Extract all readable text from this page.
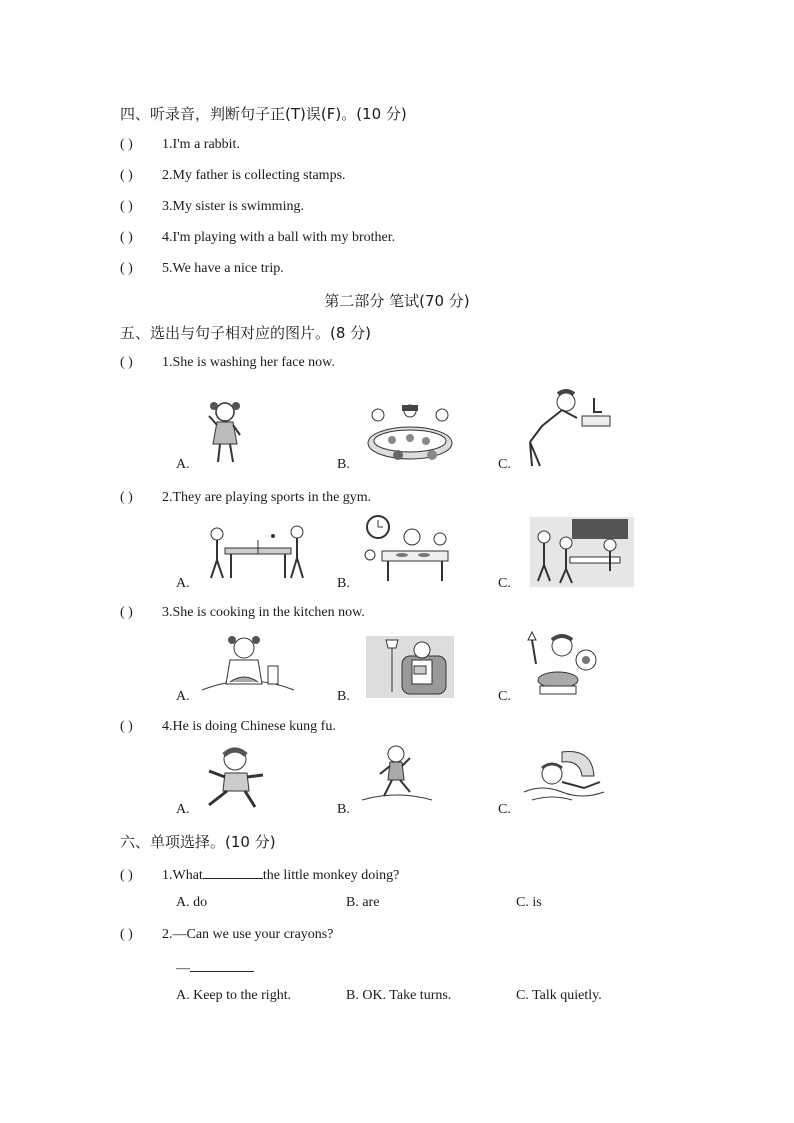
四、听录音，判断句子正(T)误(F)。(10 分)
( ) 1.I'm a rabbit.
( ) 2.My father is collecting stamps.
( ) 3.My sister is swimming.
( ) 4.I'm playing with a ball with my brother.
( ) 5.We have a nice trip.
第二部分 笔试(70 分)
五、选出与句子相对应的图片。(8 分)
( ) 1.She is washing her face now.
A.	B.	C.
( ) 2.They are playing sports in the gym.
A.	B.	C.
( ) 3.She is cooking in the kitchen now.
A.	B.	C.
( ) 4.He is doing Chinese kung fu.
A.	B.	C.
六、单项选择。(10 分)
( ) 1.What	the little monkey doing?
A. do	B. are	C. is
( ) 2.—Can we use your crayons?
—
A. Keep to the right.	B. OK. Take turns.	C. Talk quietly.
